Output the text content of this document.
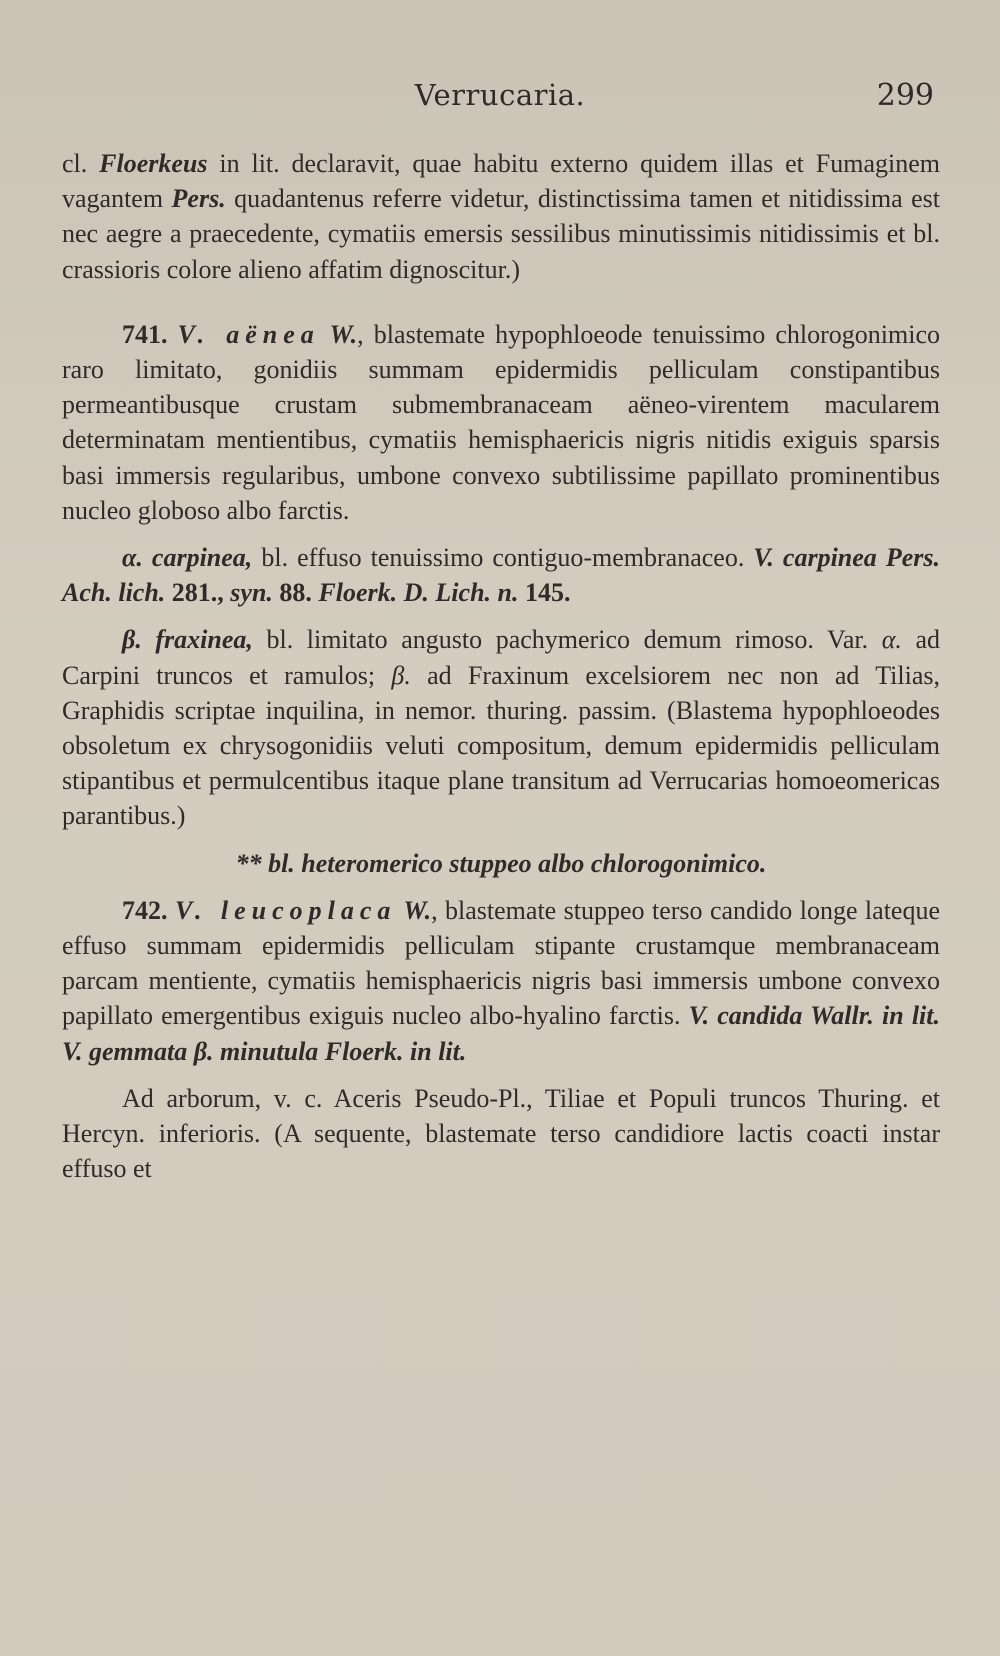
Verrucaria.	299

cl. Floerkeus in lit. declaravit, quae habitu externo quidem illas et Fumaginem vagantem Pers. quadantenus referre videtur, distinctissima tamen et nitidissima est nec aegre a praecedente, cymatiis emersis sessilibus minutissimis nitidissimis et bl. crassioris colore alieno affatim dignoscitur.)

741. V. aënea W., blastemate hypophloeode tenuissimo chlorogonimico raro limitato, gonidiis summam epidermidis pelliculam constipantibus permeantibusque crustam submembranaceam aëneo-virentem macularem determinatam mentientibus, cymatiis hemisphaericis nigris nitidis exiguis sparsis basi immersis regularibus, umbone convexo subtilissime papillato prominentibus nucleo globoso albo farctis.

α. carpinea, bl. effuso tenuissimo contiguo-membranaceo. V. carpinea Pers. Ach. lich. 281., syn. 88. Floerk. D. Lich. n. 145.

β. fraxinea, bl. limitato angusto pachymerico demum rimoso. Var. α. ad Carpini truncos et ramulos; β. ad Fraxinum excelsiorem nec non ad Tilias, Graphidis scriptae inquilina, in nemor. thuring. passim. (Blastema hypophloeodes obsoletum ex chrysogonidiis veluti compositum, demum epidermidis pelliculam stipantibus et permulcentibus itaque plane transitum ad Verrucarias homoeomericas parantibus.)

** bl. heteromerico stuppeo albo chlorogonimico.

742. V. leucoplaca W., blastemate stuppeo terso candido longe lateque effuso summam epidermidis pelliculam stipante crustamque membranaceam parcam mentiente, cymatiis hemisphaericis nigris basi immersis umbone convexo papillato emergentibus exiguis nucleo albo-hyalino farctis. V. candida Wallr. in lit. V. gemmata β. minutula Floerk. in lit.

Ad arborum, v. c. Aceris Pseudo-Pl., Tiliae et Populi truncos Thuring. et Hercyn. inferioris. (A sequente, blastemate terso candidiore lactis coacti instar effuso et
